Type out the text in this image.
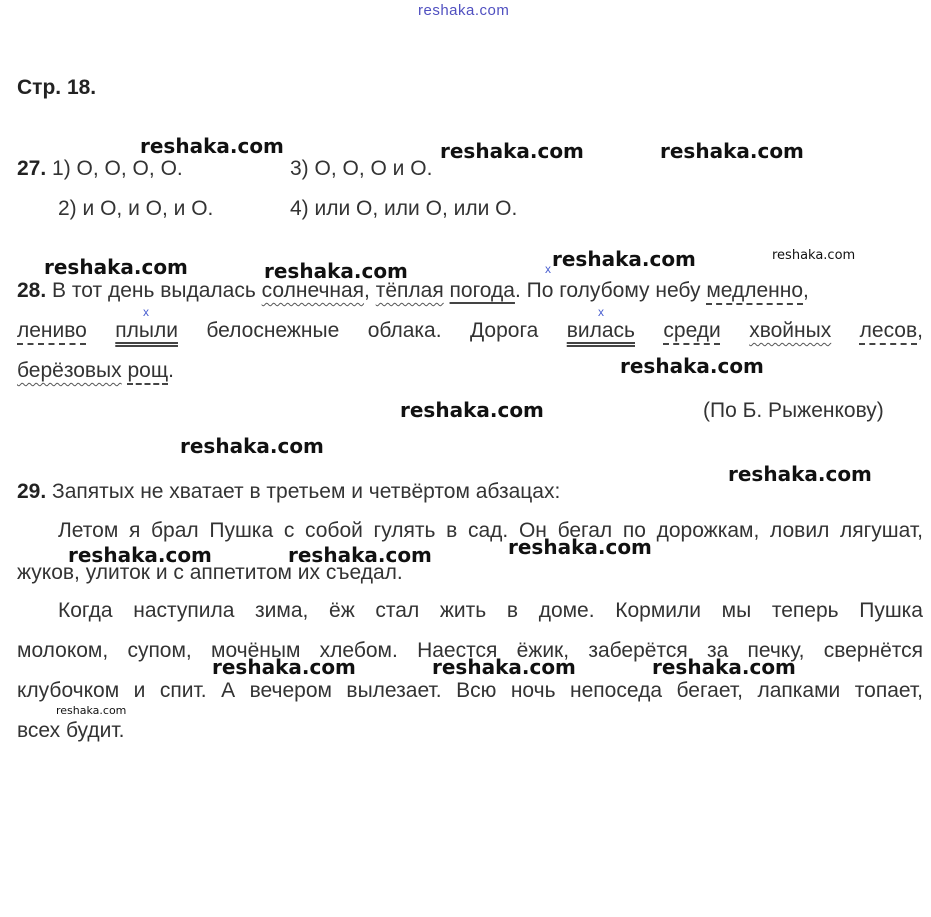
reshaka.com
Стр. 18.
27. 1) О, О, О, О.	3) О, О, О и О.
2) и О, и О, и О.	4) или О, или О, или О.
28. В тот день выдалась солнечная, тёплая погода. По голубому небу медленно,
лениво плыли белоснежные облака. Дорога вилась среди хвойных лесов,
берёзовых рощ.
x
x	x
(По Б. Рыженкову)
29. Запятых не хватает в третьем и четвёртом абзацах:
Летом я брал Пушка с собой гулять в сад. Он бегал по дорожкам, ловил лягушат,
жуков, улиток и с аппетитом их съедал.
Когда наступила зима, ёж стал жить в доме. Кормили мы теперь Пушка
молоком, супом, мочёным хлебом. Наестся ёжик, заберётся за печку, свернётся
клубочком и спит. А вечером вылезает. Всю ночь непоседа бегает, лапками топает,
всех будит.
reshaka.com	reshaka.com	reshaka.com
reshaka.com	reshaka.com	reshaka.com	reshaka.com
reshaka.com
reshaka.com
reshaka.com
reshaka.com
reshaka.com	reshaka.com	reshaka.com
reshaka.com	reshaka.com	reshaka.com
reshaka.com
